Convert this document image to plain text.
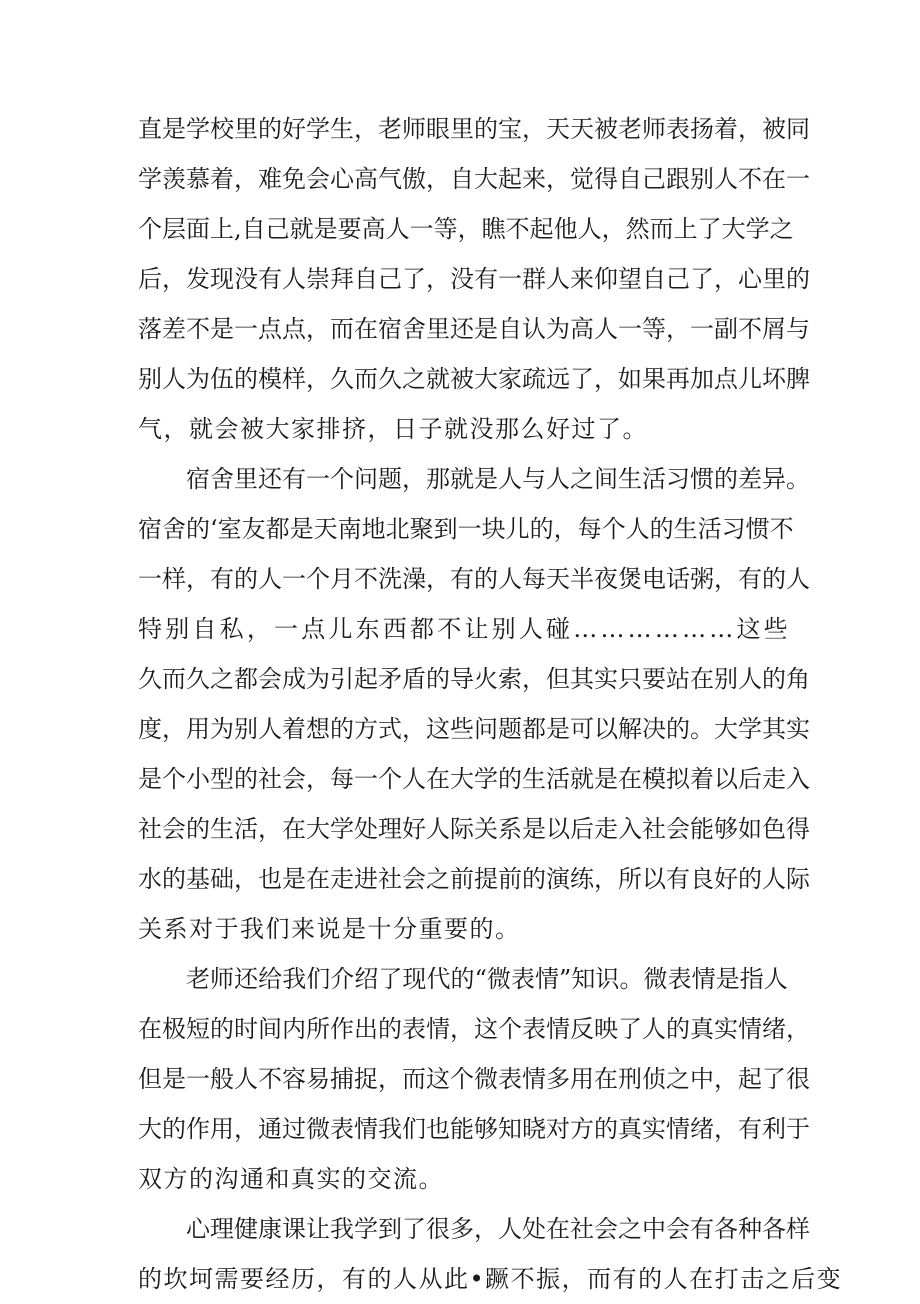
直 是 学 校 里 的 好 学 生 ， 老 师 眼 里 的 宝 ， 天 天 被 老 师 表 扬 着 ， 被 同
学 羡 慕 着 ， 难 免 会 心 高 气 傲 ， 自 大 起 来 ， 觉 得 自 己 跟 别 人 不 在 一
个 层 面 上 , 自 己 就 是 要 高 人 一 等 ， 瞧 不 起 他 人 ， 然 而 上 了 大 学 之
后 ， 发 现 没 有 人 崇 拜 自 己 了 ， 没 有 一 群 人 来 仰 望 自 己 了 ， 心 里 的
落 差 不 是 一 点 点 ， 而 在 宿 舍 里 还 是 自 认 为 高 人 一 等 ， 一 副 不 屑 与
别 人 为 伍 的 模 样 ， 久 而 久 之 就 被 大 家 疏 远 了 ， 如 果 再 加 点 儿 坏 脾
气，就会被大家排挤，日子就没那么好过了。
宿 舍 里 还 有 一 个 问 题 ， 那 就 是 人 与 人 之 间 生 活 习 惯 的 差 异 。
宿 舍 的 ‘ 室 友 都 是 天 南 地 北 聚 到 一 块 儿 的 ， 每 个 人 的 生 活 习 惯 不
一 样 ， 有 的 人 一 个 月 不 洗 澡 ， 有 的 人 每 天 半 夜 煲 电 话 粥 ， 有 的 人
特 别 自 私 ， 一 点 儿 东 西 都 不 让 别 人 碰 … … … … … … 这 些
久 而 久 之 都 会 成 为 引 起 矛 盾 的 导 火 索 ， 但 其 实 只 要 站 在 别 人 的 角
度 ， 用 为 别 人 着 想 的 方 式 ， 这 些 问 题 都 是 可 以 解 决 的 。 大 学 其 实
是 个 小 型 的 社 会 ， 每 一 个 人 在 大 学 的 生 活 就 是 在 模 拟 着 以 后 走 入
社 会 的 生 活 ， 在 大 学 处 理 好 人 际 关 系 是 以 后 走 入 社 会 能 够 如 色 得
水 的 基 础 ， 也 是 在 走 进 社 会 之 前 提 前 的 演 练 ， 所 以 有 良 好 的 人 际
关系对于我们来说是十分重要的。
老 师 还 给 我 们 介 绍 了 现 代 的 “ 微 表 情 ” 知 识 。 微 表 情 是 指 人
在 极 短 的 时 间 内 所 作 出 的 表 情 ， 这 个 表 情 反 映 了 人 的 真 实 情 绪 ，
但 是 一 般 人 不 容 易 捕 捉 ， 而 这 个 微 表 情 多 用 在 刑 侦 之 中 ， 起 了 很
大 的 作 用 ， 通 过 微 表 情 我 们 也 能 够 知 晓 对 方 的 真 实 情 绪 ， 有 利 于
双方的沟通和真实的交流。
心 理 健 康 课 让 我 学 到 了 很 多 ， 人 处 在 社 会 之 中 会 有 各 种 各 样
的坎坷需要经历，有的人从此•蹶不振，而有的人在打击之后变
